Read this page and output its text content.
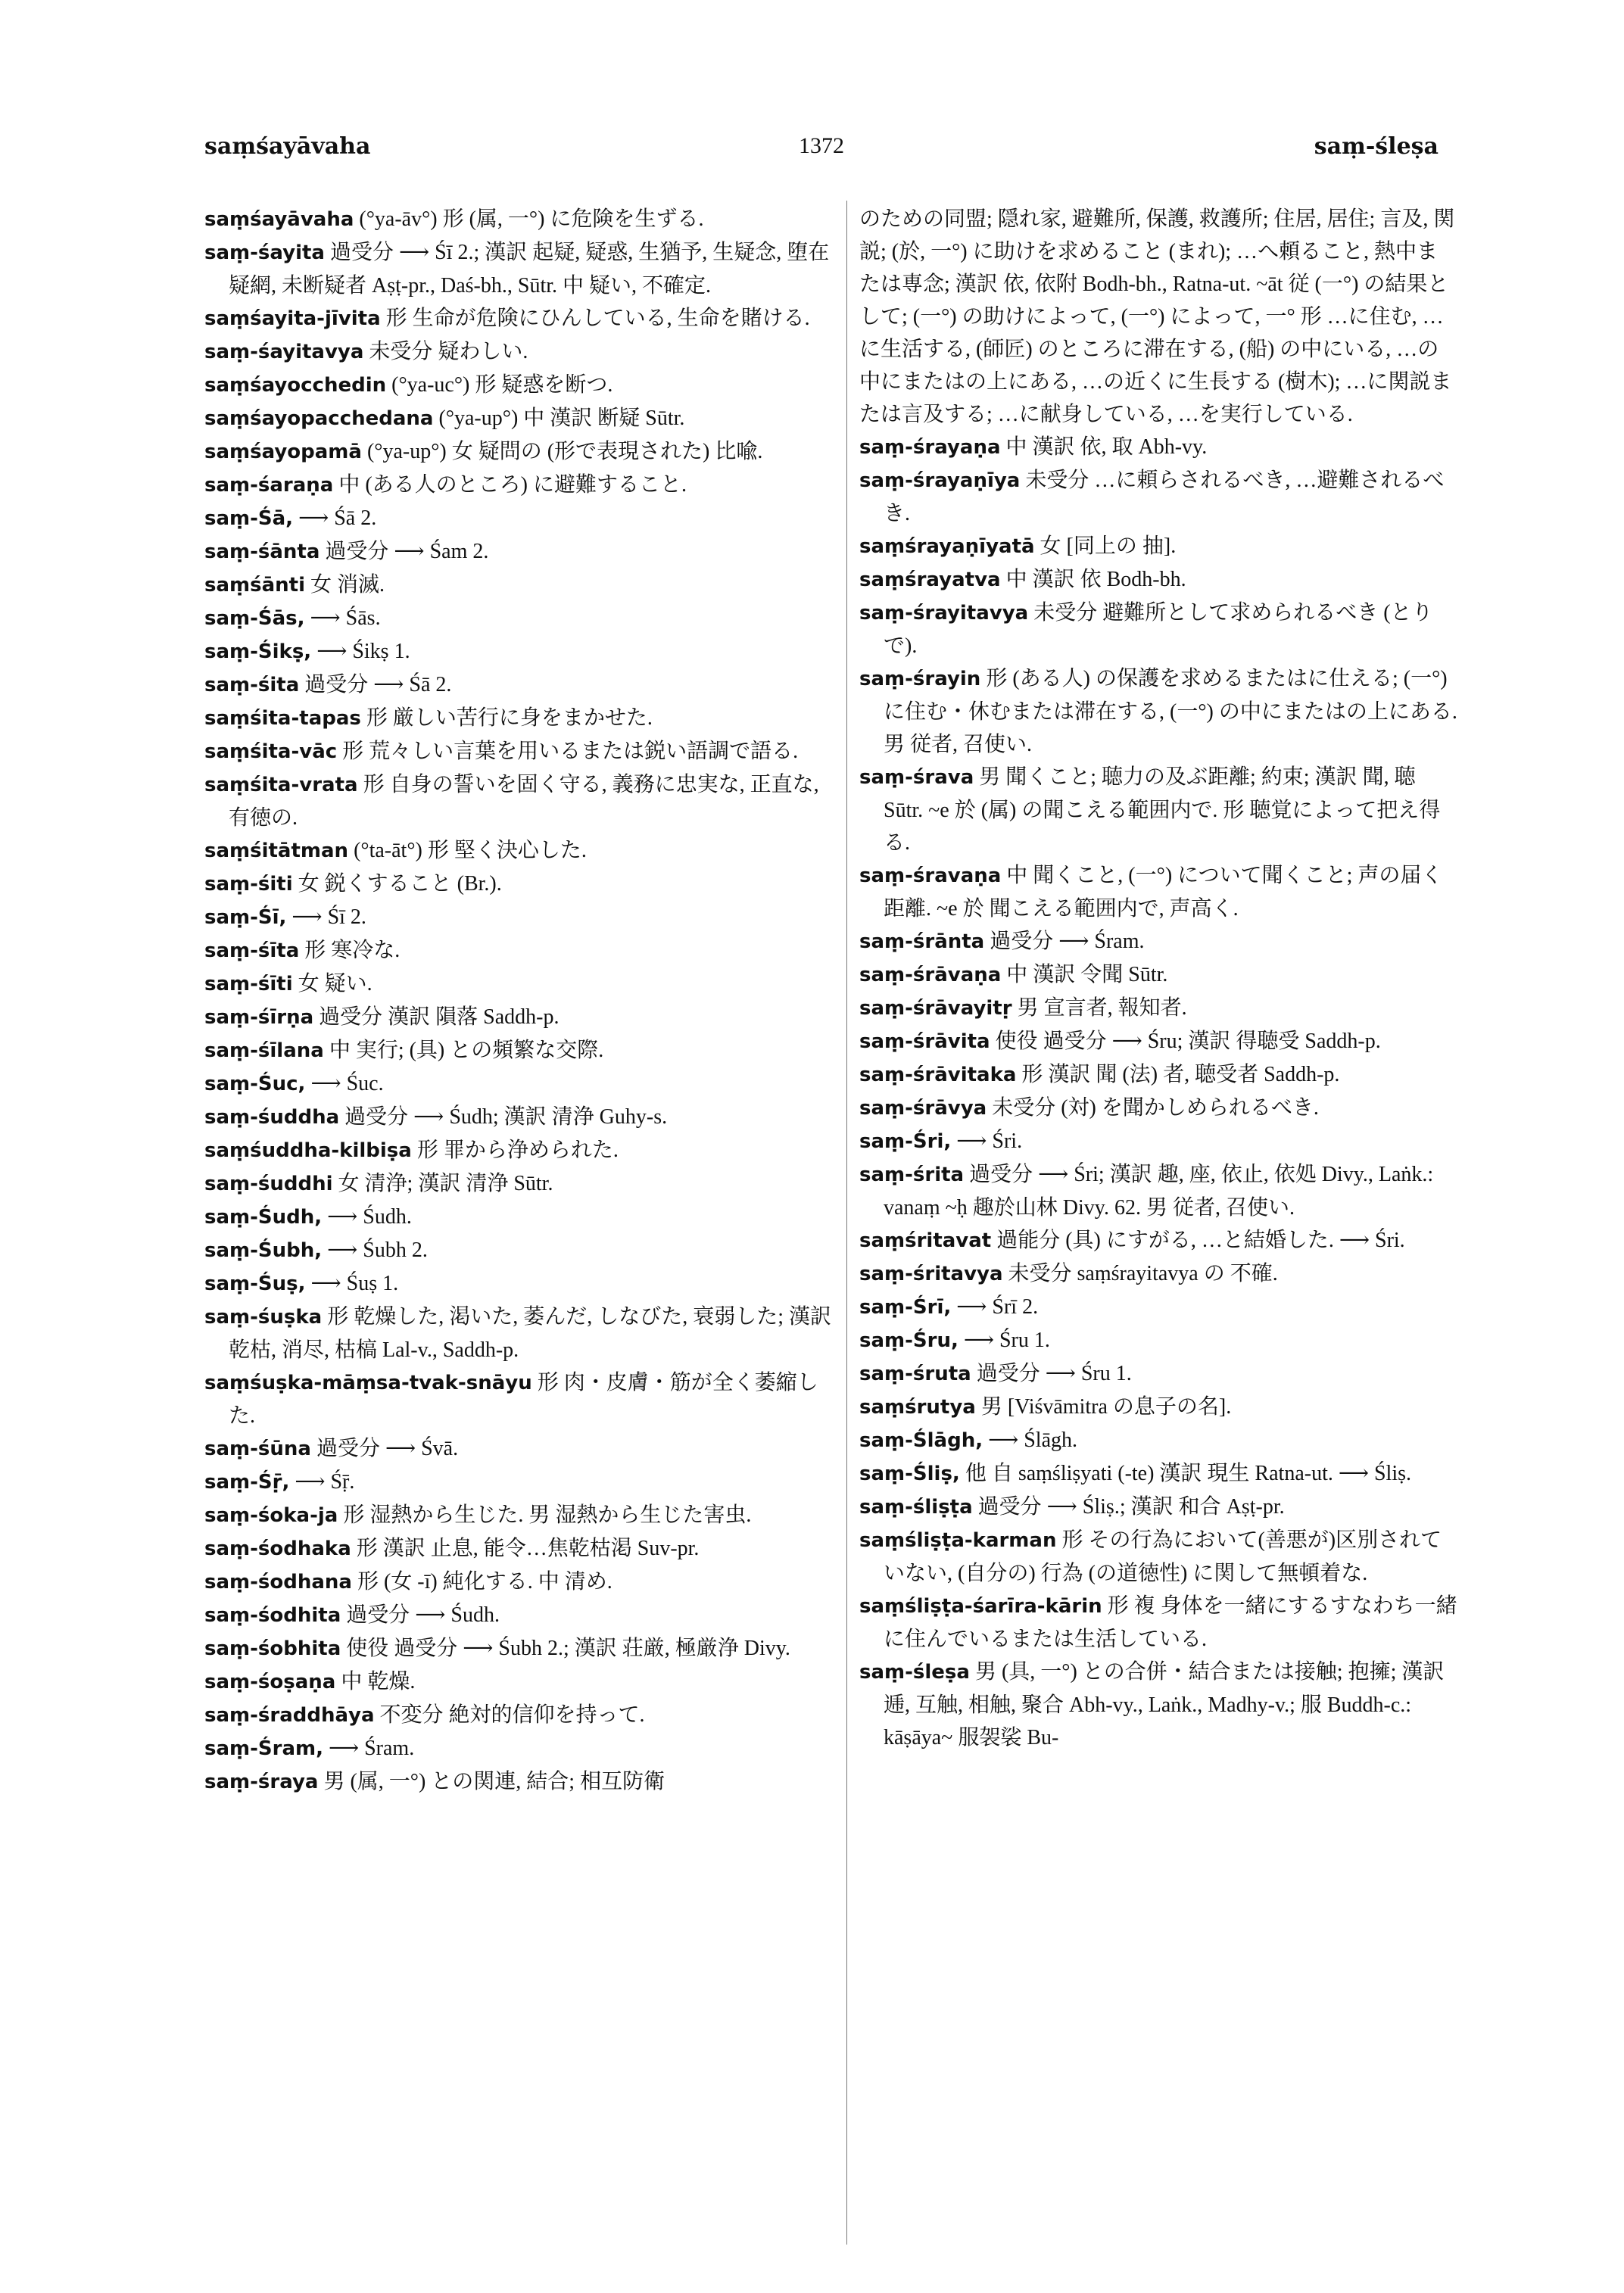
saṃśayāvaha	1372	saṃ-śleṣa

saṃśayāvaha (°ya-āv°) 形 (属, 一°) に危険を生ずる.

saṃ-śayita 過受分 ⟶ Śī 2.; 漢訳 起疑, 疑惑, 生猶予, 生疑念, 堕在疑網, 未断疑者 Aṣṭ-pr., Daś-bh., Sūtr. 中 疑い, 不確定.

saṃśayita-jīvita 形 生命が危険にひんしている, 生命を賭ける.

saṃ-śayitavya 未受分 疑わしい.

saṃśayocchedin (°ya-uc°) 形 疑惑を断つ.

saṃśayopacchedana (°ya-up°) 中 漢訳 断疑 Sūtr.

saṃśayopamā (°ya-up°) 女 疑問の (形で表現された) 比喩.

saṃ-śaraṇa 中 (ある人のところ) に避難すること.

saṃ-Śā, ⟶ Śā 2.

saṃ-śānta 過受分 ⟶ Śam 2.

saṃśānti 女 消滅.

saṃ-Śās, ⟶ Śās.

saṃ-Śikṣ, ⟶ Śikṣ 1.

saṃ-śita 過受分 ⟶ Śā 2.

saṃśita-tapas 形 厳しい苦行に身をまかせた.

saṃśita-vāc 形 荒々しい言葉を用いるまたは鋭い語調で語る.

saṃśita-vrata 形 自身の誓いを固く守る, 義務に忠実な, 正直な, 有徳の.

saṃśitātman (°ta-āt°) 形 堅く決心した.

saṃ-śiti 女 鋭くすること (Br.).

saṃ-Śī, ⟶ Śī 2.

saṃ-śīta 形 寒冷な.

saṃ-śīti 女 疑い.

saṃ-śīrṇa 過受分 漢訳 隕落 Saddh-p.

saṃ-śīlana 中 実行; (具) との頻繁な交際.

saṃ-Śuc, ⟶ Śuc.

saṃ-śuddha 過受分 ⟶ Śudh; 漢訳 清浄 Guhy-s.

saṃśuddha-kilbiṣa 形 罪から浄められた.

saṃ-śuddhi 女 清浄; 漢訳 清浄 Sūtr.

saṃ-Śudh, ⟶ Śudh.

saṃ-Śubh, ⟶ Śubh 2.

saṃ-Śuṣ, ⟶ Śuṣ 1.

saṃ-śuṣka 形 乾燥した, 渇いた, 萎んだ, しなびた, 衰弱した; 漢訳 乾枯, 消尽, 枯槁 Lal-v., Saddh-p.

saṃśuṣka-māṃsa-tvak-snāyu 形 肉・皮膚・筋が全く萎縮した.

saṃ-śūna 過受分 ⟶ Śvā.

saṃ-Śṝ, ⟶ Śṝ.

saṃ-śoka-ja 形 湿熱から生じた. 男 湿熱から生じた害虫.

saṃ-śodhaka 形 漢訳 止息, 能令…焦乾枯渇 Suv-pr.

saṃ-śodhana 形 (女 -ī) 純化する. 中 清め.

saṃ-śodhita 過受分 ⟶ Śudh.

saṃ-śobhita 使役 過受分 ⟶ Śubh 2.; 漢訳 荘厳, 極厳浄 Divy.

saṃ-śoṣaṇa 中 乾燥.

saṃ-śraddhāya 不変分 絶対的信仰を持って.

saṃ-Śram, ⟶ Śram.

saṃ-śraya 男 (属, 一°) との関連, 結合; 相互防衛

のための同盟; 隠れ家, 避難所, 保護, 救護所; 住居, 居住; 言及, 関説; (於, 一°) に助けを求めること (まれ); …へ頼ること, 熱中または専念; 漢訳 依, 依附 Bodh-bh., Ratna-ut. ~āt 従 (一°) の結果として; (一°) の助けによって, (一°) によって, 一° 形 …に住む, …に生活する, (師匠) のところに滞在する, (船) の中にいる, …の中にまたはの上にある, …の近くに生長する (樹木); …に関説または言及する; …に献身している, …を実行している.

saṃ-śrayaṇa 中 漢訳 依, 取 Abh-vy.

saṃ-śrayaṇīya 未受分 …に頼らされるべき, …避難されるべき.

saṃśrayaṇīyatā 女 [同上の 抽].

saṃśrayatva 中 漢訳 依 Bodh-bh.

saṃ-śrayitavya 未受分 避難所として求められるべき (とりで).

saṃ-śrayin 形 (ある人) の保護を求めるまたはに仕える; (一°) に住む・休むまたは滞在する, (一°) の中にまたはの上にある. 男 従者, 召使い.

saṃ-śrava 男 聞くこと; 聴力の及ぶ距離; 約束; 漢訳 聞, 聴 Sūtr. ~e 於 (属) の聞こえる範囲内で. 形 聴覚によって把え得る.

saṃ-śravaṇa 中 聞くこと, (一°) について聞くこと; 声の届く距離. ~e 於 聞こえる範囲内で, 声高く.

saṃ-śrānta 過受分 ⟶ Śram.

saṃ-śrāvaṇa 中 漢訳 令聞 Sūtr.

saṃ-śrāvayitṛ 男 宣言者, 報知者.

saṃ-śrāvita 使役 過受分 ⟶ Śru; 漢訳 得聴受 Saddh-p.

saṃ-śrāvitaka 形 漢訳 聞 (法) 者, 聴受者 Saddh-p.

saṃ-śrāvya 未受分 (対) を聞かしめられるべき.

saṃ-Śri, ⟶ Śri.

saṃ-śrita 過受分 ⟶ Śri; 漢訳 趣, 座, 依止, 依処 Divy., Laṅk.: vanaṃ ~ḥ 趣於山林 Divy. 62. 男 従者, 召使い.

saṃśritavat 過能分 (具) にすがる, …と結婚した. ⟶ Śri.

saṃ-śritavya 未受分 saṃśrayitavya の 不確.

saṃ-Śrī, ⟶ Śrī 2.

saṃ-Śru, ⟶ Śru 1.

saṃ-śruta 過受分 ⟶ Śru 1.

saṃśrutya 男 [Viśvāmitra の息子の名].

saṃ-Ślāgh, ⟶ Ślāgh.

saṃ-Śliṣ, 他 自 saṃśliṣyati (-te) 漢訳 現生 Ratna-ut. ⟶ Śliṣ.

saṃ-śliṣṭa 過受分 ⟶ Śliṣ.; 漢訳 和合 Aṣṭ-pr.

saṃśliṣṭa-karman 形 その行為において(善悪が)区別されていない, (自分の) 行為 (の道徳性) に関して無頓着な.

saṃśliṣṭa-śarīra-kārin 形 複 身体を一緒にするすなわち一緒に住んでいるまたは生活している.

saṃ-śleṣa 男 (具, 一°) との合併・結合または接触; 抱擁; 漢訳 逓, 互触, 相触, 聚合 Abh-vy., Laṅk., Madhy-v.; 服 Buddh-c.: kāṣāya~ 服袈裟 Bu-
